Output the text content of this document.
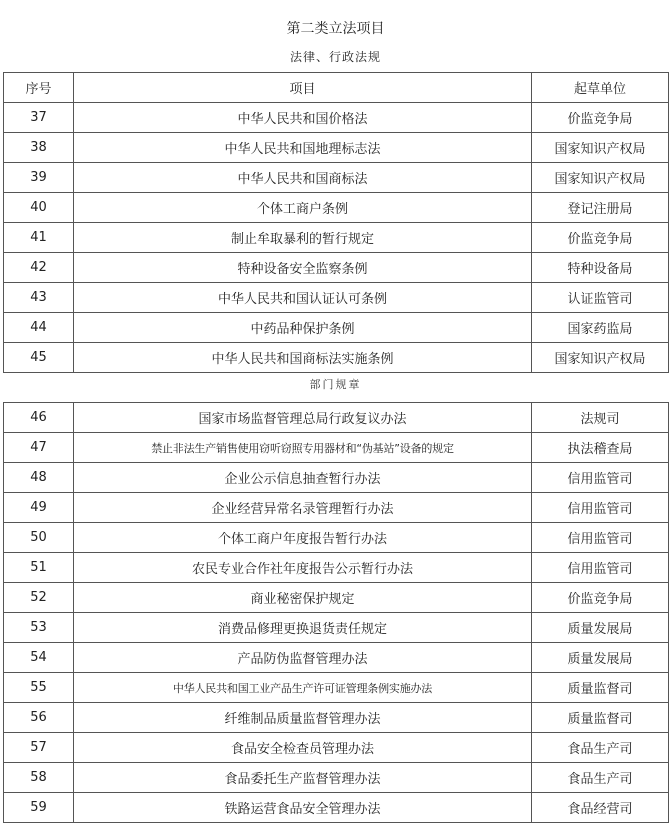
第二类立法项目
法律、行政法规
序号	项目	起草单位
37	中华人民共和国价格法	价监竞争局
38	中华人民共和国地理标志法	国家知识产权局
39	中华人民共和国商标法	国家知识产权局
40	个体工商户条例	登记注册局
41	制止牟取暴利的暂行规定	价监竞争局
42	特种设备安全监察条例	特种设备局
43	中华人民共和国认证认可条例	认证监管司
44	中药品种保护条例	国家药监局
45	中华人民共和国商标法实施条例	国家知识产权局
部门规章
46	国家市场监督管理总局行政复议办法	法规司
47	禁止非法生产销售使用窃听窃照专用器材和“伪基站”设备的规定	执法稽查局
48	企业公示信息抽查暂行办法	信用监管司
49	企业经营异常名录管理暂行办法	信用监管司
50	个体工商户年度报告暂行办法	信用监管司
51	农民专业合作社年度报告公示暂行办法	信用监管司
52	商业秘密保护规定	价监竞争局
53	消费品修理更换退货责任规定	质量发展局
54	产品防伪监督管理办法	质量发展局
55	中华人民共和国工业产品生产许可证管理条例实施办法	质量监督司
56	纤维制品质量监督管理办法	质量监督司
57	食品安全检查员管理办法	食品生产司
58	食品委托生产监督管理办法	食品生产司
59	铁路运营食品安全管理办法	食品经营司
